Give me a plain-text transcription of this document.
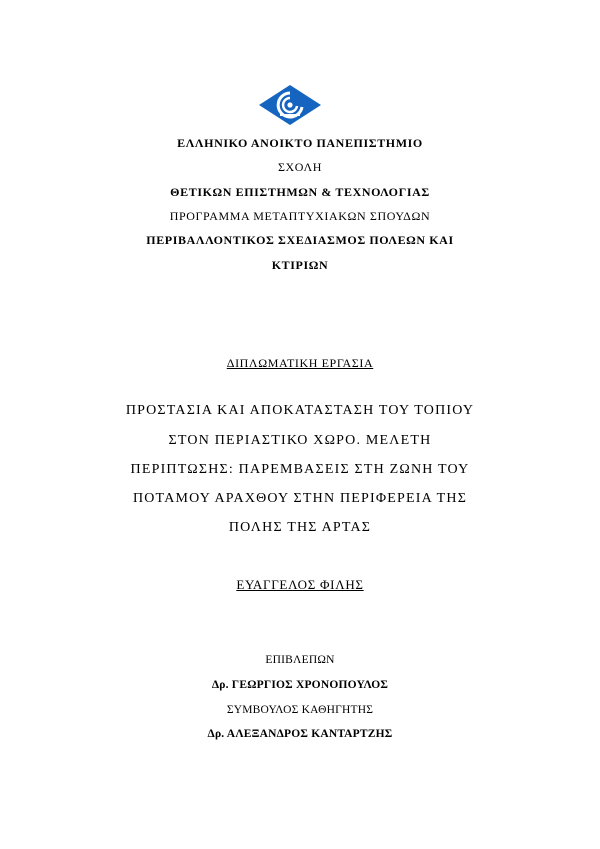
ΕΛΛΗΝΙΚΟ ΑΝΟΙΚΤΟ ΠΑΝΕΠΙΣΤΗΜΙΟ
ΣΧΟΛΗ
ΘΕΤΙΚΩΝ ΕΠΙΣΤΗΜΩΝ & ΤΕΧΝΟΛΟΓΙΑΣ
ΠΡΟΓΡΑΜΜΑ ΜΕΤΑΠΤΥΧΙΑΚΩΝ ΣΠΟΥΔΩΝ
ΠΕΡΙΒΑΛΛΟΝΤΙΚΟΣ ΣΧΕΔΙΑΣΜΟΣ ΠΟΛΕΩΝ ΚΑΙ
ΚΤΙΡΙΩΝ
ΔΙΠΛΩΜΑΤΙΚΗ ΕΡΓΑΣΙΑ
ΠΡΟΣΤΑΣΙΑ ΚΑΙ ΑΠΟΚΑΤΑΣΤΑΣΗ ΤΟΥ ΤΟΠΙΟΥ
ΣΤΟΝ ΠΕΡΙΑΣΤΙΚΟ ΧΩΡΟ. ΜΕΛΕΤΗ
ΠΕΡΙΠΤΩΣΗΣ: ΠΑΡΕΜΒΑΣΕΙΣ ΣΤΗ ΖΩΝΗ ΤΟΥ
ΠΟΤΑΜΟΥ ΑΡΑΧΘΟΥ ΣΤΗΝ ΠΕΡΙΦΕΡΕΙΑ ΤΗΣ
ΠΟΛΗΣ ΤΗΣ ΑΡΤΑΣ
ΕΥΑΓΓΕΛΟΣ ΦΙΛΗΣ
ΕΠΙΒΛΕΠΩΝ
Δρ. ΓΕΩΡΓΙΟΣ ΧΡΟΝΟΠΟΥΛΟΣ
ΣΥΜΒΟΥΛΟΣ ΚΑΘΗΓΗΤΗΣ
Δρ. ΑΛΕΞΑΝΔΡΟΣ ΚΑΝΤΑΡΤΖΗΣ
